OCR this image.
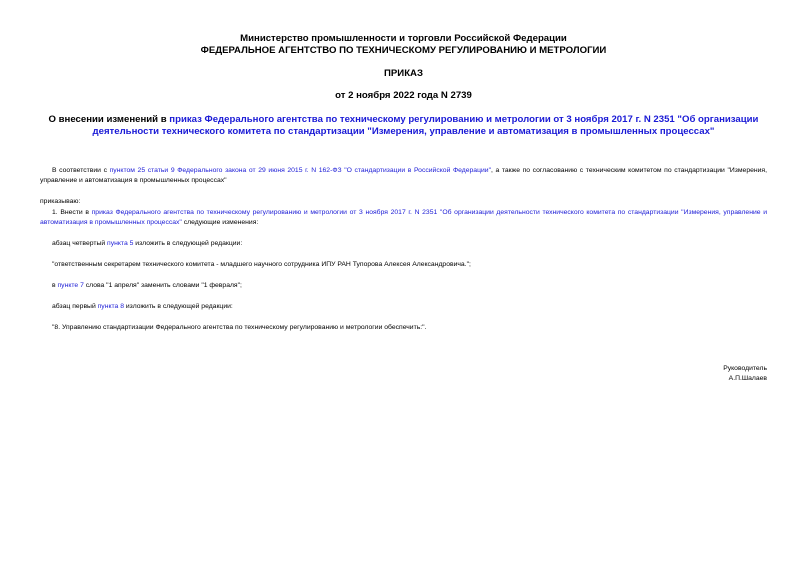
Министерство промышленности и торговли Российской Федерации
ФЕДЕРАЛЬНОЕ АГЕНТСТВО ПО ТЕХНИЧЕСКОМУ РЕГУЛИРОВАНИЮ И МЕТРОЛОГИИ
ПРИКАЗ
от 2 ноября 2022 года N 2739
О внесении изменений в приказ Федерального агентства по техническому регулированию и метрологии от 3 ноября 2017 г. N 2351 "Об организации деятельности технического комитета по стандартизации "Измерения, управление и автоматизация в промышленных процессах"
В соответствии с пунктом 25 статьи 9 Федерального закона от 29 июня 2015 г. N 162-ФЗ "О стандартизации в Российской Федерации", а также по согласованию с техническим комитетом по стандартизации "Измерения, управление и автоматизация в промышленных процессах"
приказываю:
1. Внести в приказ Федерального агентства по техническому регулированию и метрологии от 3 ноября 2017 г. N 2351 "Об организации деятельности технического комитета по стандартизации "Измерения, управление и автоматизация в промышленных процессах" следующие изменения:
абзац четвертый пункта 5 изложить в следующей редакции:
"ответственным секретарем технического комитета - младшего научного сотрудника ИПУ РАН Тупорова Алексея Александровича.";
в пункте 7 слова "1 апреля" заменить словами "1 февраля";
абзац первый пункта 8 изложить в следующей редакции:
"8. Управлению стандартизации Федерального агентства по техническому регулированию и метрологии обеспечить:".
Руководитель
А.П.Шалаев
